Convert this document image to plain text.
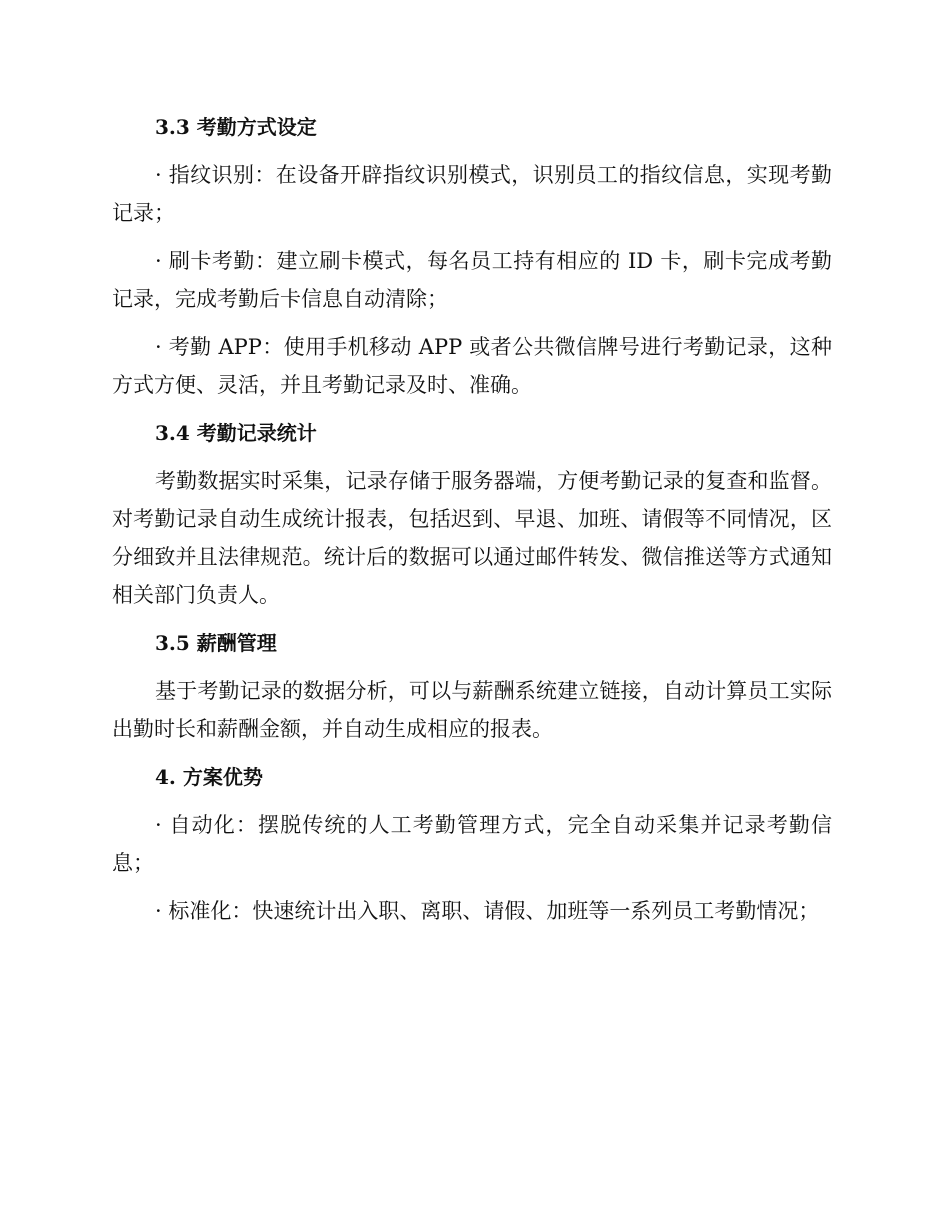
3.3 考勤方式设定

· 指纹识别：在设备开辟指纹识别模式，识别员工的指纹信息，实现考勤记录；

· 刷卡考勤：建立刷卡模式，每名员工持有相应的 ID 卡，刷卡完成考勤记录，完成考勤后卡信息自动清除；

· 考勤 APP：使用手机移动 APP 或者公共微信牌号进行考勤记录，这种方式方便、灵活，并且考勤记录及时、准确。

3.4 考勤记录统计

考勤数据实时采集，记录存储于服务器端，方便考勤记录的复查和监督。对考勤记录自动生成统计报表，包括迟到、早退、加班、请假等不同情况，区分细致并且法律规范。统计后的数据可以通过邮件转发、微信推送等方式通知相关部门负责人。

3.5 薪酬管理

基于考勤记录的数据分析，可以与薪酬系统建立链接，自动计算员工实际出勤时长和薪酬金额，并自动生成相应的报表。

4. 方案优势

· 自动化：摆脱传统的人工考勤管理方式，完全自动采集并记录考勤信息；

· 标准化：快速统计出入职、离职、请假、加班等一系列员工考勤情况；
